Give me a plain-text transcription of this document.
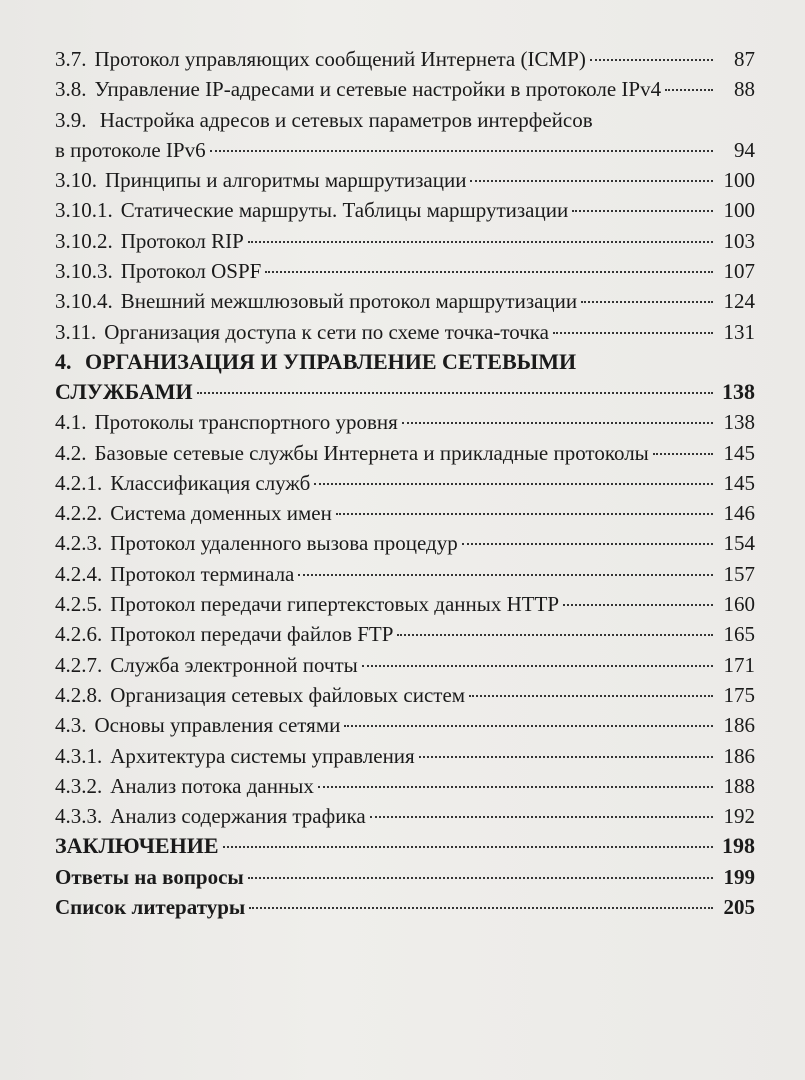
3.7. Протокол управляющих сообщений Интернета (ICMP)	87
3.8. Управление IP-адресами и сетевые настройки в протоколе IPv4	88
3.9. Настройка адресов и сетевых параметров интерфейсов
в протоколе IPv6	94
3.10. Принципы и алгоритмы маршрутизации	100
3.10.1. Статические маршруты. Таблицы маршрутизации	100
3.10.2. Протокол RIP	103
3.10.3. Протокол OSPF	107
3.10.4. Внешний межшлюзовый протокол маршрутизации	124
3.11. Организация доступа к сети по схеме точка-точка	131
4. ОРГАНИЗАЦИЯ И УПРАВЛЕНИЕ СЕТЕВЫМИ
СЛУЖБАМИ	138
4.1. Протоколы транспортного уровня	138
4.2. Базовые сетевые службы Интернета и прикладные протоколы	145
4.2.1. Классификация служб	145
4.2.2. Система доменных имен	146
4.2.3. Протокол удаленного вызова процедур	154
4.2.4. Протокол терминала	157
4.2.5. Протокол передачи гипертекстовых данных HTTP	160
4.2.6. Протокол передачи файлов FTP	165
4.2.7. Служба электронной почты	171
4.2.8. Организация сетевых файловых систем	175
4.3. Основы управления сетями	186
4.3.1. Архитектура системы управления	186
4.3.2. Анализ потока данных	188
4.3.3. Анализ содержания трафика	192
ЗАКЛЮЧЕНИЕ	198
Ответы на вопросы	199
Список литературы	205
